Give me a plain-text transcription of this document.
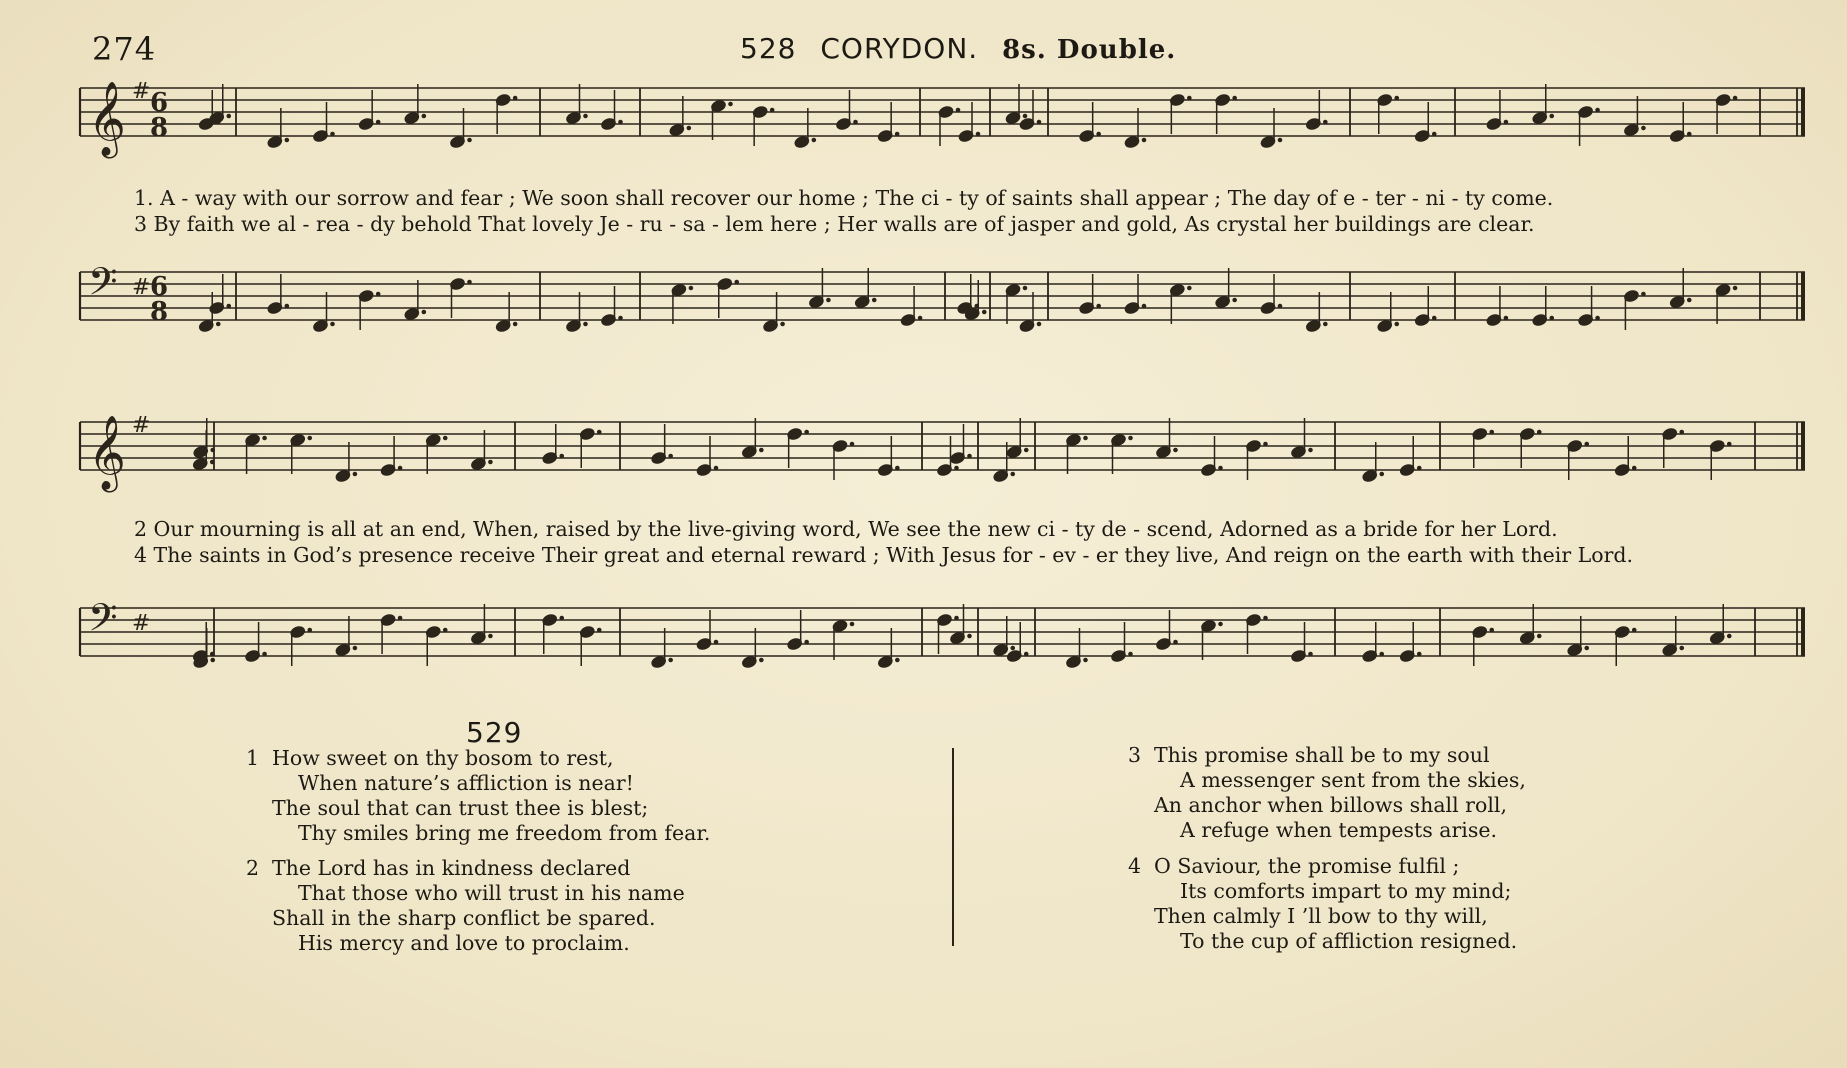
274	528 CORYDON. 8s. Double.
𝄞 # 6
8
𝄢 # 6
8
𝄞 #
𝄢 #
1. A - way with our sorrow and fear ; We soon shall recover our home ; The ci - ty of saints shall appear ; The day of e - ter - ni - ty come.
3 By faith we al - rea - dy behold That lovely Je - ru - sa - lem here ; Her walls are of jasper and gold, As crystal her buildings are clear.
2 Our mourning is all at an end, When, raised by the live-giving word, We see the new ci - ty de - scend, Adorned as a bride for her Lord.
4 The saints in God’s presence receive Their great and eternal reward ; With Jesus for - ev - er they live, And reign on the earth with their Lord.
529
1 How sweet on thy bosom to rest,
When nature’s affliction is near!
The soul that can trust thee is blest;
Thy smiles bring me freedom from fear.
2 The Lord has in kindness declared
That those who will trust in his name
Shall in the sharp conflict be spared.
His mercy and love to proclaim.
3 This promise shall be to my soul
A messenger sent from the skies,
An anchor when billows shall roll,
A refuge when tempests arise.
4 O Saviour, the promise fulfil ;
Its comforts impart to my mind;
Then calmly I ’ll bow to thy will,
To the cup of affliction resigned.
